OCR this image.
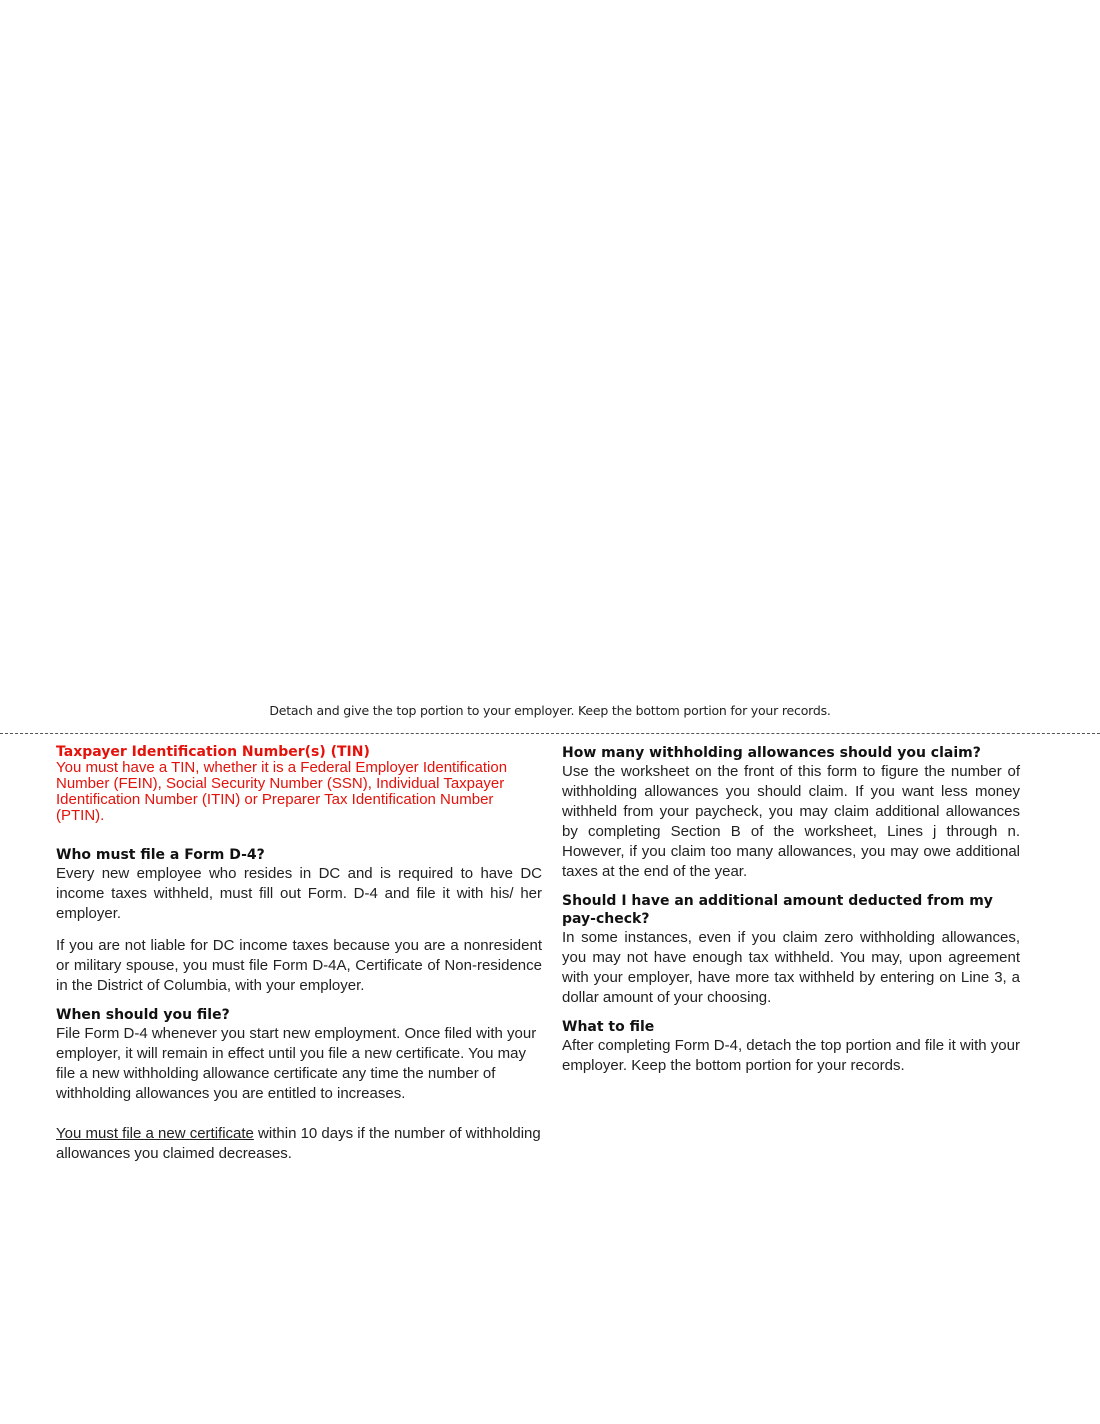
Detach and give the top portion to your employer. Keep the bottom portion for your records.

Taxpayer Identification Number(s) (TIN)

You must have a TIN, whether it is a Federal Employer Identification Number (FEIN), Social Security Number (SSN), Individual Taxpayer Identification Number (ITIN) or Preparer Tax Identification Number (PTIN).

Who must file a Form D-4?

Every new employee who resides in DC and is required to have DC income taxes withheld, must fill out Form. D-4 and file it with his/ her employer.

If you are not liable for DC income taxes because you are a nonresident or military spouse, you must file Form D-4A, Certificate of Non-residence in the District of Columbia, with your employer.

When should you file?

File Form D-4 whenever you start new employment. Once filed with your employer, it will remain in effect until you file a new certificate. You may file a new withholding allowance certificate any time the number of withholding allowances you are entitled to increases.

You must file a new certificate within 10 days if the number of withholding allowances you claimed decreases.

How many withholding allowances should you claim?

Use the worksheet on the front of this form to figure the number of withholding allowances you should claim. If you want less money withheld from your paycheck, you may claim additional allowances by completing Section B of the worksheet, Lines j through n. However, if you claim too many allowances, you may owe additional taxes at the end of the year.

Should I have an additional amount deducted from my pay-check?

In some instances, even if you claim zero withholding allowances, you may not have enough tax withheld. You may, upon agreement with your employer, have more tax withheld by entering on Line 3, a dollar amount of your choosing.

What to file

After completing Form D-4, detach the top portion and file it with your employer. Keep the bottom portion for your records.
